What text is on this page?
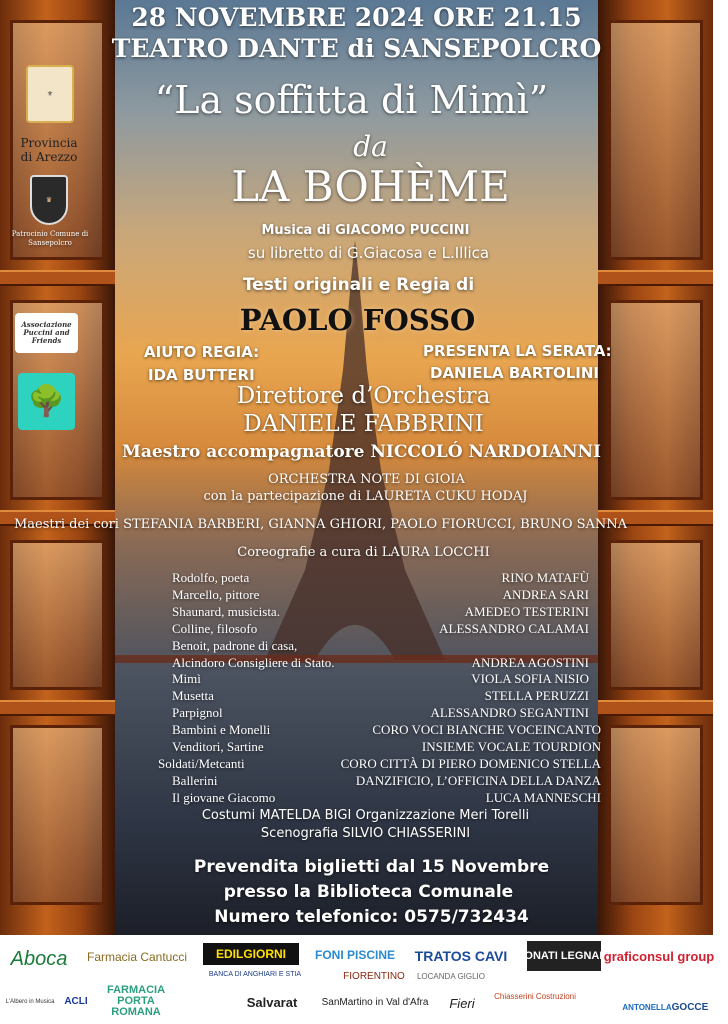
⚜
Provincia di Arezzo
♛
Patrocinio Comune di Sansepolcro
Associazione Puccini and Friends
🌳
28 NOVEMBRE 2024 ORE 21.15
TEATRO DANTE di SANSEPOLCRO
“La soffitta di Mimì”
da
LA BOHÈME
Musica di GIACOMO PUCCINI
su libretto di G.Giacosa e L.Illica
Testi originali e Regia di
PAOLO FOSSO
AIUTO REGIA:
IDA BUTTERI
PRESENTA LA SERATA:
DANIELA BARTOLINI
Direttore d’Orchestra
DANIELE FABBRINI
Maestro accompagnatore NICCOLÓ NARDOIANNI
ORCHESTRA NOTE DI GIOIA
con la partecipazione di LAURETA CUKU HODAJ
Maestri dei cori STEFANIA BARBERI, GIANNA GHIORI, PAOLO FIORUCCI, BRUNO SANNA
Coreografie a cura di LAURA LOCCHI
Rodolfo, poeta	RINO MATAFÙ
Marcello, pittore	ANDREA SARI
Shaunard, musicista.	AMEDEO TESTERINI
Colline, filosofo	ALESSANDRO CALAMAI
Benoit, padrone di casa,
Alcindoro Consigliere di Stato.	ANDREA AGOSTINI
Mimì	VIOLA SOFIA NISIO
Musetta	STELLA PERUZZI
Parpignol	ALESSANDRO SEGANTINI
Bambini e Monelli	CORO VOCI BIANCHE VOCEINCANTO
Venditori, Sartine	INSIEME VOCALE TOURDION
Soldati/Metcanti	CORO CITTÀ DI PIERO DOMENICO STELLA
Ballerini	DANZIFICIO, L’OFFICINA DELLA DANZA
Il giovane Giacomo	LUCA MANNESCHI
Costumi MATELDA BIGI Organizzazione Meri Torelli
Scenografia SILVIO CHIASSERINI
Prevendita biglietti dal 15 Novembre
presso la Biblioteca Comunale
Numero telefonico: 0575/732434
Aboca	Farmacia Cantucci	EDILGIORNI
BANCA DI ANGHIARI E STIA
FONI PISCINE	TRATOS CAVI DONATI LEGNAMI
graficonsul group
FIORENTINO	LOCANDA GIGLIO
L'Albero in Musica ACLI
FARMACIA PORTA ROMANA
Salvarat	SanMartino in Val d'Afra	Fieri	Chiasserini Costruzioni
ANTONELLA GOCCE
